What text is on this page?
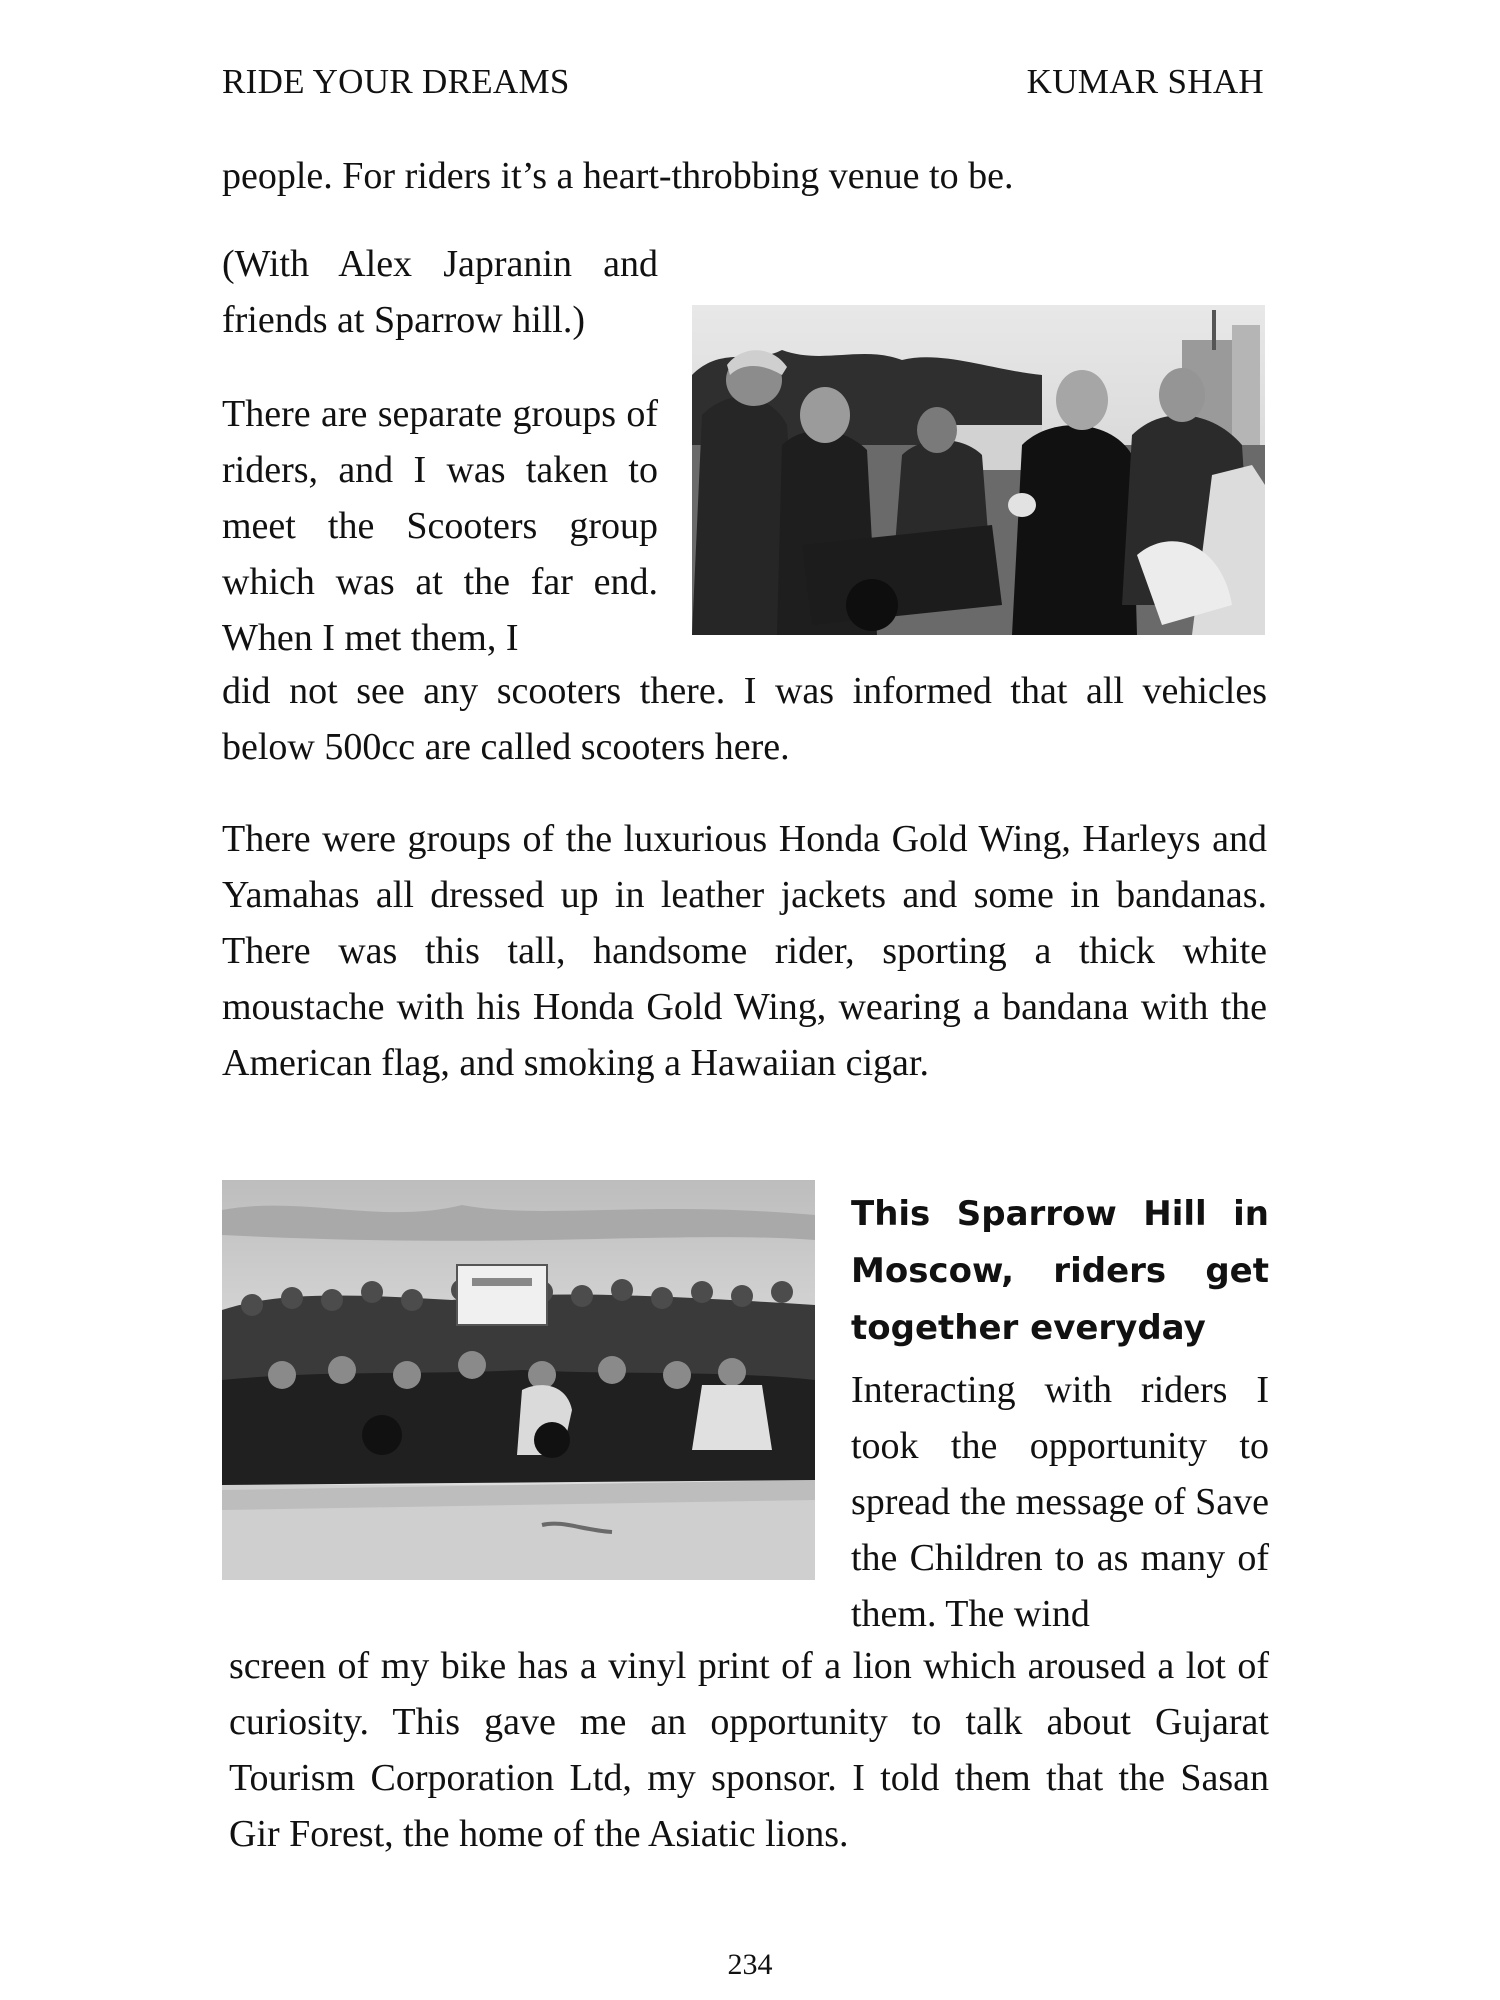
RIDE YOUR DREAMS	KUMAR SHAH

people. For riders it’s a heart-throbbing venue to be.

(With Alex Japranin and friends at Sparrow hill.)

There are separate groups of riders, and I was taken to meet the Scooters group which was at the far end. When I met them, I

did not see any scooters there. I was informed that all vehicles below 500cc are called scooters here.

There were groups of the luxurious Honda Gold Wing, Harleys and Yamahas all dressed up in leather jackets and some in bandanas. There was this tall, handsome rider, sporting a thick white moustache with his Honda Gold Wing, wearing a bandana with the American flag, and smoking a Hawaiian cigar.

This Sparrow Hill in Moscow, riders get together everyday

Interacting with riders I took the opportunity to spread the message of Save the Children to as many of them. The wind

screen of my bike has a vinyl print of a lion which aroused a lot of curiosity. This gave me an opportunity to talk about Gujarat Tourism Corporation Ltd, my sponsor. I told them that the Sasan Gir Forest, the home of the Asiatic lions.

234
